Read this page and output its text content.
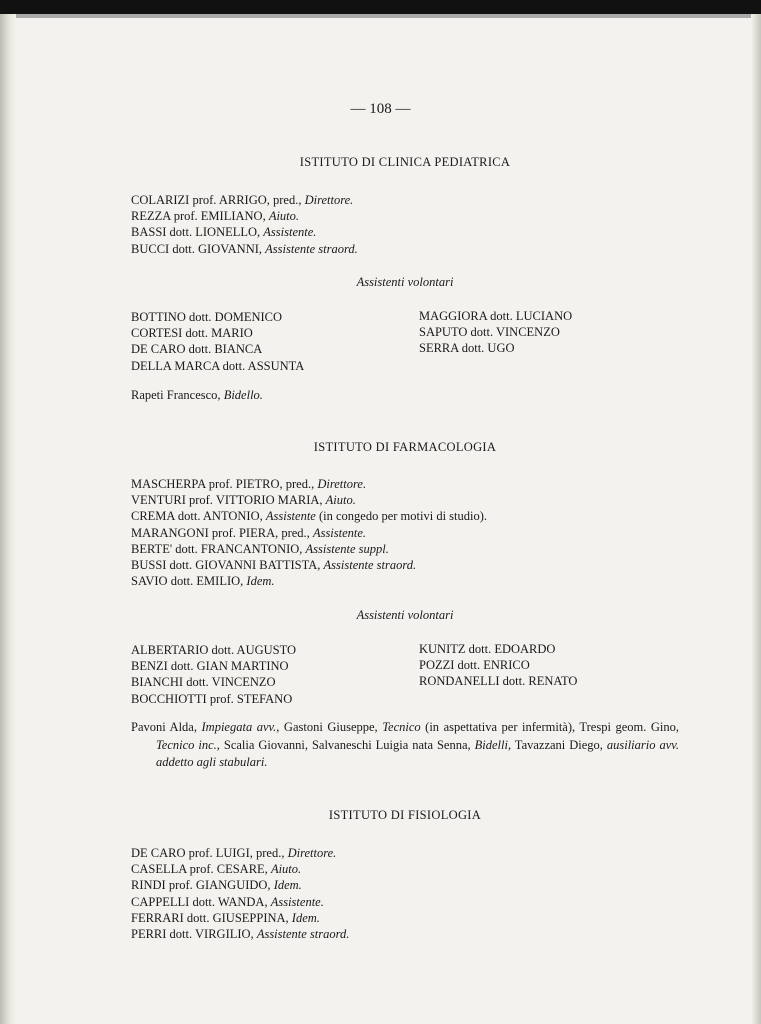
— 108 —
ISTITUTO DI CLINICA PEDIATRICA
COLARIZI prof. ARRIGO, pred., Direttore.
REZZA prof. EMILIANO, Aiuto.
BASSI dott. LIONELLO, Assistente.
BUCCI dott. GIOVANNI, Assistente straord.
Assistenti volontari
BOTTINO dott. DOMENICO
CORTESI dott. MARIO
DE CARO dott. BIANCA
DELLA MARCA dott. ASSUNTA
MAGGIORA dott. LUCIANO
SAPUTO dott. VINCENZO
SERRA dott. UGO
Rapeti Francesco, Bidello.
ISTITUTO DI FARMACOLOGIA
MASCHERPA prof. PIETRO, pred., Direttore.
VENTURI prof. VITTORIO MARIA, Aiuto.
CREMA dott. ANTONIO, Assistente (in congedo per motivi di studio).
MARANGONI prof. PIERA, pred., Assistente.
BERTE' dott. FRANCANTONIO, Assistente suppl.
BUSSI dott. GIOVANNI BATTISTA, Assistente straord.
SAVIO dott. EMILIO, Idem.
Assistenti volontari
ALBERTARIO dott. AUGUSTO
BENZI dott. GIAN MARTINO
BIANCHI dott. VINCENZO
BOCCHIOTTI prof. STEFANO
KUNITZ dott. EDOARDO
POZZI dott. ENRICO
RONDANELLI dott. RENATO
Pavoni Alda, Impiegata avv., Gastoni Giuseppe, Tecnico (in aspettativa per infermità), Trespi geom. Gino, Tecnico inc., Scalia Giovanni, Salvaneschi Luigia nata Senna, Bidelli, Tavazzani Diego, ausiliario avv. addetto agli stabulari.
ISTITUTO DI FISIOLOGIA
DE CARO prof. LUIGI, pred., Direttore.
CASELLA prof. CESARE, Aiuto.
RINDI prof. GIANGUIDO, Idem.
CAPPELLI dott. WANDA, Assistente.
FERRARI dott. GIUSEPPINA, Idem.
PERRI dott. VIRGILIO, Assistente straord.
